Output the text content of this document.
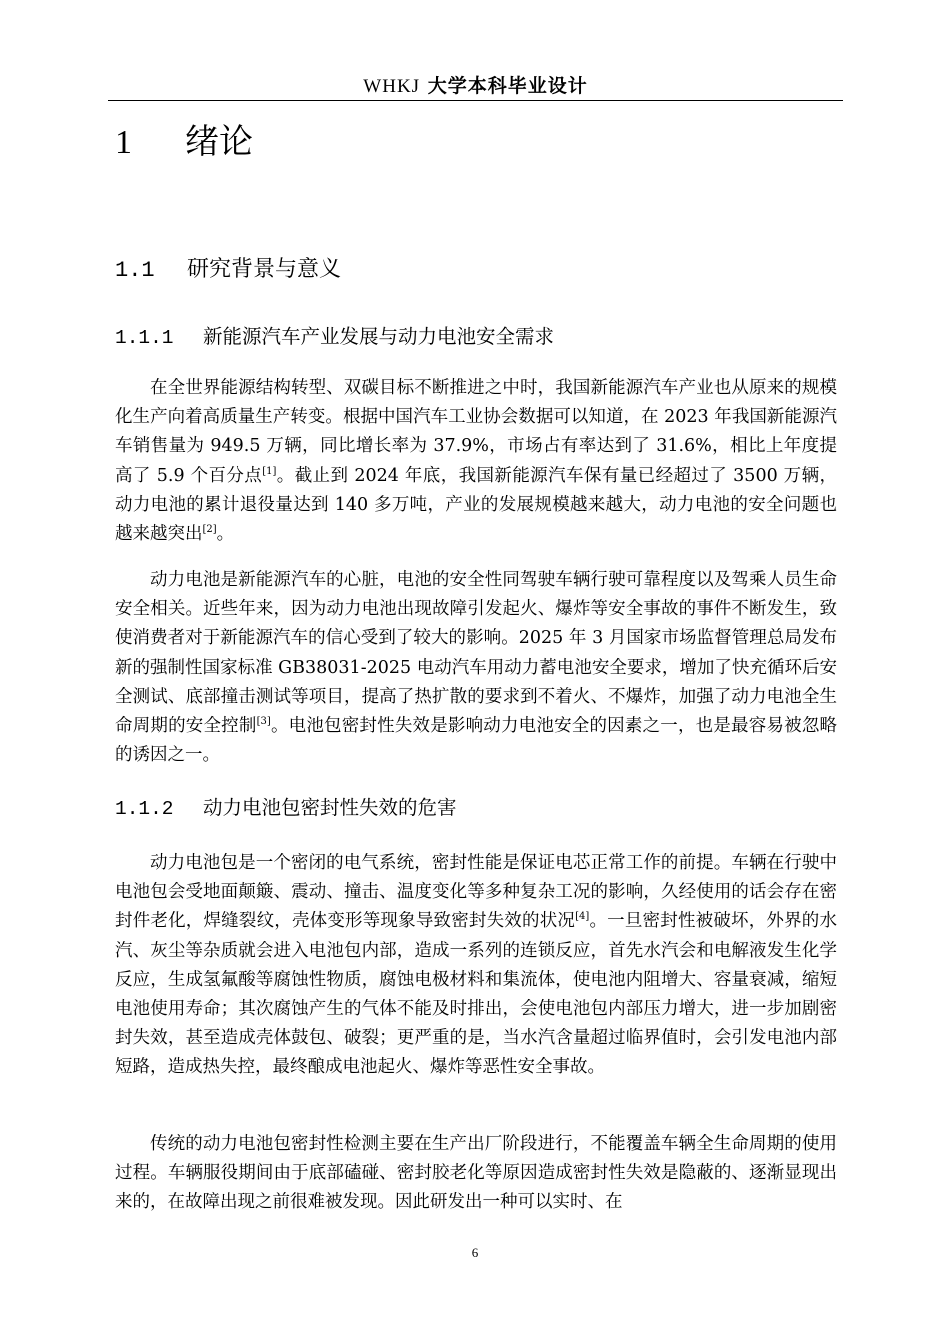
WHKJ 大学本科毕业设计
1 绪论
1.1 研究背景与意义
1.1.1 新能源汽车产业发展与动力电池安全需求

在全世界能源结构转型、双碳目标不断推进之中时，我国新能源汽车产业也从原来的规模化生产向着高质量生产转变。根据中国汽车工业协会数据可以知道，在 2023 年我国新能源汽车销售量为 949.5 万辆，同比增长率为 37.9%，市场占有率达到了 31.6%，相比上年度提高了 5.9 个百分点[1]。截止到 2024 年底，我国新能源汽车保有量已经超过了 3500 万辆，动力电池的累计退役量达到 140 多万吨，产业的发展规模越来越大，动力电池的安全问题也越来越突出[2]。

动力电池是新能源汽车的心脏，电池的安全性同驾驶车辆行驶可靠程度以及驾乘人员生命安全相关。近些年来，因为动力电池出现故障引发起火、爆炸等安全事故的事件不断发生，致使消费者对于新能源汽车的信心受到了较大的影响。2025 年 3 月国家市场监督管理总局发布新的强制性国家标准 GB38031-2025 电动汽车用动力蓄电池安全要求，增加了快充循环后安全测试、底部撞击测试等项目，提高了热扩散的要求到不着火、不爆炸，加强了动力电池全生命周期的安全控制[3]。电池包密封性失效是影响动力电池安全的因素之一，也是最容易被忽略的诱因之一。

1.1.2 动力电池包密封性失效的危害

动力电池包是一个密闭的电气系统，密封性能是保证电芯正常工作的前提。车辆在行驶中电池包会受地面颠簸、震动、撞击、温度变化等多种复杂工况的影响，久经使用的话会存在密封件老化，焊缝裂纹，壳体变形等现象导致密封失效的状况[4]。一旦密封性被破坏，外界的水汽、灰尘等杂质就会进入电池包内部，造成一系列的连锁反应，首先水汽会和电解液发生化学反应，生成氢氟酸等腐蚀性物质，腐蚀电极材料和集流体，使电池内阻增大、容量衰减，缩短电池使用寿命；其次腐蚀产生的气体不能及时排出，会使电池包内部压力增大，进一步加剧密封失效，甚至造成壳体鼓包、破裂；更严重的是，当水汽含量超过临界值时，会引发电池内部短路，造成热失控，最终酿成电池起火、爆炸等恶性安全事故。

传统的动力电池包密封性检测主要在生产出厂阶段进行，不能覆盖车辆全生命周期的使用过程。车辆服役期间由于底部磕碰、密封胶老化等原因造成密封性失效是隐蔽的、逐渐显现出来的，在故障出现之前很难被发现。因此研发出一种可以实时、在

6
